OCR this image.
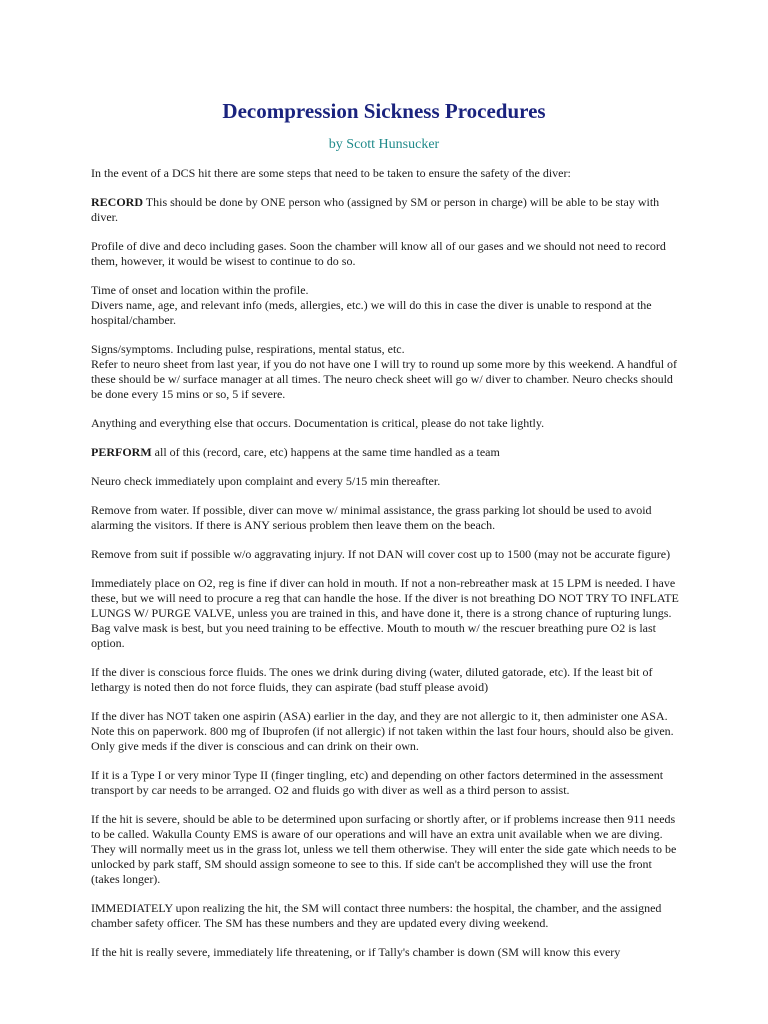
Decompression Sickness Procedures
by Scott Hunsucker

In the event of a DCS hit there are some steps that need to be taken to ensure the safety of the diver:

RECORD This should be done by ONE person who (assigned by SM or person in charge) will be able to be stay with diver.

Profile of dive and deco including gases. Soon the chamber will know all of our gases and we should not need to record them, however, it would be wisest to continue to do so.

Time of onset and location within the profile.

Divers name, age, and relevant info (meds, allergies, etc.) we will do this in case the diver is unable to respond at the hospital/chamber.

Signs/symptoms. Including pulse, respirations, mental status, etc.

Refer to neuro sheet from last year, if you do not have one I will try to round up some more by this weekend. A handful of these should be w/ surface manager at all times. The neuro check sheet will go w/ diver to chamber. Neuro checks should be done every 15 mins or so, 5 if severe.

Anything and everything else that occurs. Documentation is critical, please do not take lightly.

PERFORM all of this (record, care, etc) happens at the same time handled as a team

Neuro check immediately upon complaint and every 5/15 min thereafter.

Remove from water. If possible, diver can move w/ minimal assistance, the grass parking lot should be used to avoid alarming the visitors. If there is ANY serious problem then leave them on the beach.

Remove from suit if possible w/o aggravating injury. If not DAN will cover cost up to 1500 (may not be accurate figure)

Immediately place on O2, reg is fine if diver can hold in mouth. If not a non-rebreather mask at 15 LPM is needed. I have these, but we will need to procure a reg that can handle the hose. If the diver is not breathing DO NOT TRY TO INFLATE LUNGS W/ PURGE VALVE, unless you are trained in this, and have done it, there is a strong chance of rupturing lungs. Bag valve mask is best, but you need training to be effective. Mouth to mouth w/ the rescuer breathing pure O2 is last option.

If the diver is conscious force fluids. The ones we drink during diving (water, diluted gatorade, etc). If the least bit of lethargy is noted then do not force fluids, they can aspirate (bad stuff please avoid)

If the diver has NOT taken one aspirin (ASA) earlier in the day, and they are not allergic to it, then administer one ASA. Note this on paperwork. 800 mg of Ibuprofen (if not allergic) if not taken within the last four hours, should also be given. Only give meds if the diver is conscious and can drink on their own.

If it is a Type I or very minor Type II (finger tingling, etc) and depending on other factors determined in the assessment transport by car needs to be arranged. O2 and fluids go with diver as well as a third person to assist.

If the hit is severe, should be able to be determined upon surfacing or shortly after, or if problems increase then 911 needs to be called. Wakulla County EMS is aware of our operations and will have an extra unit available when we are diving. They will normally meet us in the grass lot, unless we tell them otherwise. They will enter the side gate which needs to be unlocked by park staff, SM should assign someone to see to this. If side can't be accomplished they will use the front (takes longer).

IMMEDIATELY upon realizing the hit, the SM will contact three numbers: the hospital, the chamber, and the assigned chamber safety officer. The SM has these numbers and they are updated every diving weekend.

If the hit is really severe, immediately life threatening, or if Tally's chamber is down (SM will know this every
